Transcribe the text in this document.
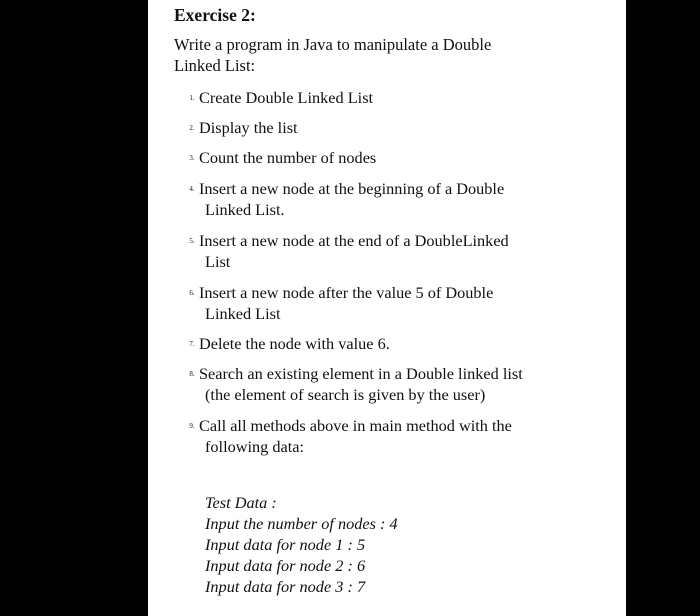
Exercise 2:
Write a program in Java to manipulate a Double
Linked List:
1. Create Double Linked List
2. Display the list
3. Count the number of nodes
4. Insert a new node at the beginning of a Double
Linked List.
5. Insert a new node at the end of a DoubleLinked
List
6. Insert a new node after the value 5 of Double
Linked List
7. Delete the node with value 6.
8. Search an existing element in a Double linked list
(the element of search is given by the user)
9. Call all methods above in main method with the
following data:
Test Data :
Input the number of nodes : 4
Input data for node 1 : 5
Input data for node 2 : 6
Input data for node 3 : 7
